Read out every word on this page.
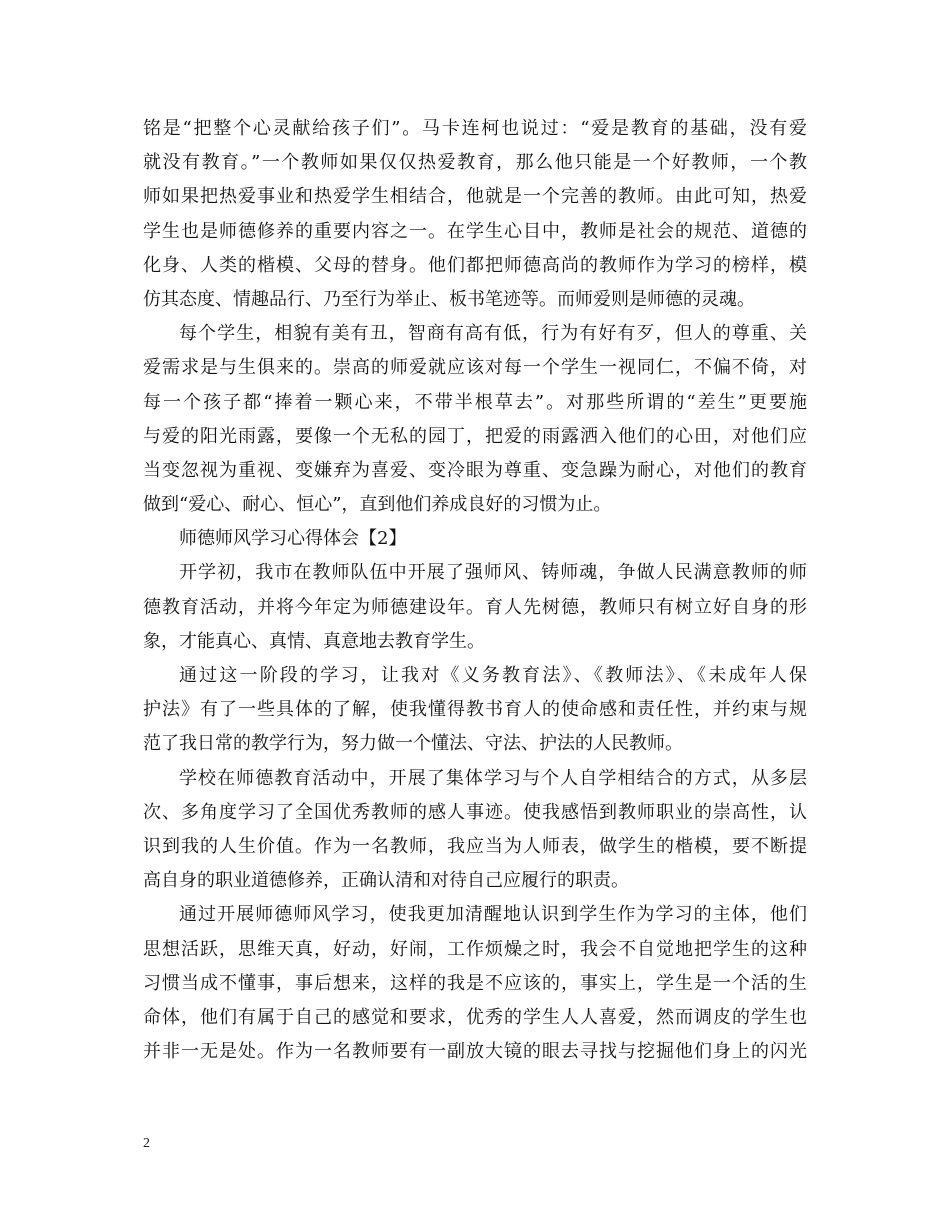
铭是“把整个心灵献给孩子们”。马卡连柯也说过：“爱是教育的基础，没有爱
就没有教育。”一个教师如果仅仅热爱教育，那么他只能是一个好教师，一个教
师如果把热爱事业和热爱学生相结合，他就是一个完善的教师。由此可知，热爱
学生也是师德修养的重要内容之一。在学生心目中，教师是社会的规范、道德的
化身、人类的楷模、父母的替身。他们都把师德高尚的教师作为学习的榜样，模
仿其态度、情趣品行、乃至行为举止、板书笔迹等。而师爱则是师德的灵魂。
每个学生，相貌有美有丑，智商有高有低，行为有好有歹，但人的尊重、关
爱需求是与生俱来的。崇高的师爱就应该对每一个学生一视同仁，不偏不倚，对
每一个孩子都“捧着一颗心来，不带半根草去”。对那些所谓的“差生”更要施
与爱的阳光雨露，要像一个无私的园丁，把爱的雨露洒入他们的心田，对他们应
当变忽视为重视、变嫌弃为喜爱、变冷眼为尊重、变急躁为耐心，对他们的教育
做到“爱心、耐心、恒心”，直到他们养成良好的习惯为止。
师德师风学习心得体会【2】
开学初，我市在教师队伍中开展了强师风、铸师魂，争做人民满意教师的师
德教育活动，并将今年定为师德建设年。育人先树德，教师只有树立好自身的形
象，才能真心、真情、真意地去教育学生。
通过这一阶段的学习，让我对《义务教育法》、《教师法》、《未成年人保
护法》有了一些具体的了解，使我懂得教书育人的使命感和责任性，并约束与规
范了我日常的教学行为，努力做一个懂法、守法、护法的人民教师。
学校在师德教育活动中，开展了集体学习与个人自学相结合的方式，从多层
次、多角度学习了全国优秀教师的感人事迹。使我感悟到教师职业的崇高性，认
识到我的人生价值。作为一名教师，我应当为人师表，做学生的楷模，要不断提
高自身的职业道德修养，正确认清和对待自己应履行的职责。
通过开展师德师风学习，使我更加清醒地认识到学生作为学习的主体，他们
思想活跃，思维天真，好动，好闹，工作烦燥之时，我会不自觉地把学生的这种
习惯当成不懂事，事后想来，这样的我是不应该的，事实上，学生是一个活的生
命体，他们有属于自己的感觉和要求，优秀的学生人人喜爱，然而调皮的学生也
并非一无是处。作为一名教师要有一副放大镜的眼去寻找与挖掘他们身上的闪光
2
